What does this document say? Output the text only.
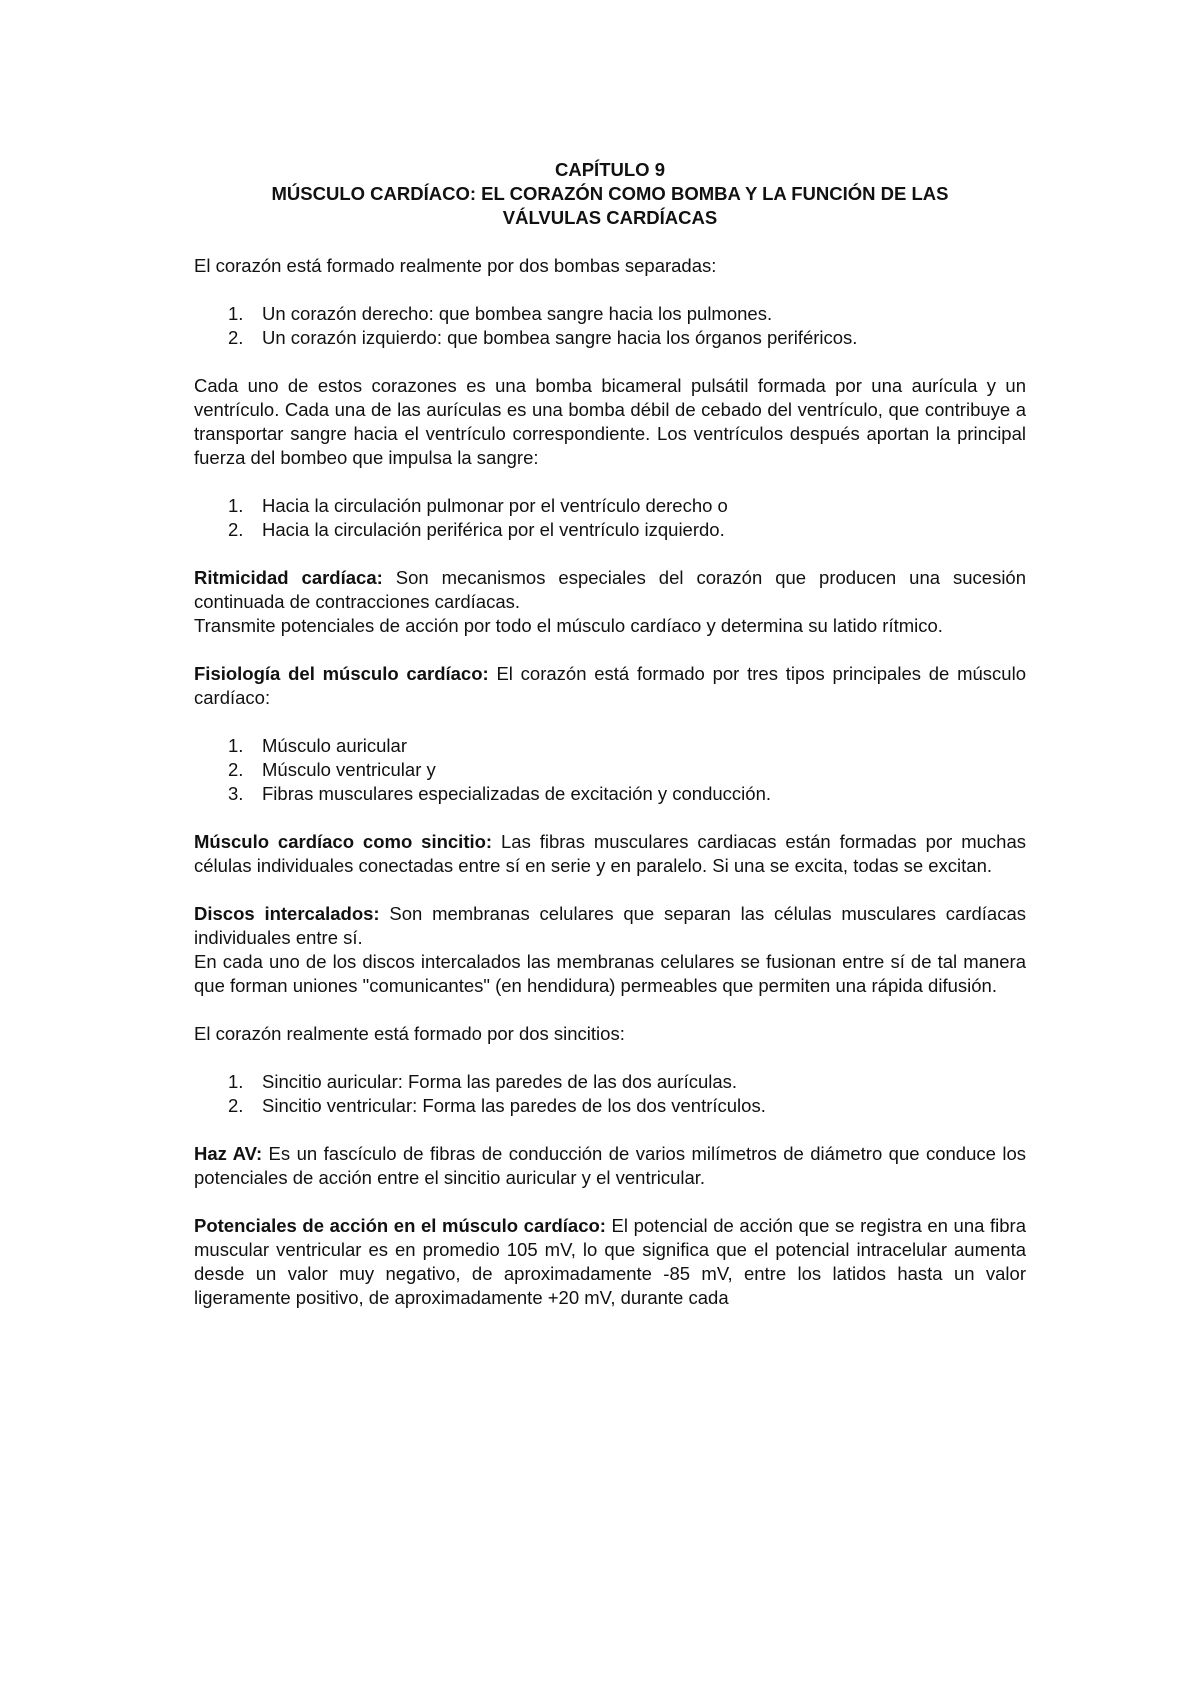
CAPÍTULO 9
MÚSCULO CARDÍACO: EL CORAZÓN COMO BOMBA Y LA FUNCIÓN DE LAS
VÁLVULAS CARDÍACAS

El corazón está formado realmente por dos bombas separadas:

1. Un corazón derecho: que bombea sangre hacia los pulmones.
2. Un corazón izquierdo: que bombea sangre hacia los órganos periféricos.

Cada uno de estos corazones es una bomba bicameral pulsátil formada por una aurícula y un ventrículo. Cada una de las aurículas es una bomba débil de cebado del ventrículo, que contribuye a transportar sangre hacia el ventrículo correspondiente. Los ventrículos después aportan la principal fuerza del bombeo que impulsa la sangre:

1. Hacia la circulación pulmonar por el ventrículo derecho o
2. Hacia la circulación periférica por el ventrículo izquierdo.

Ritmicidad cardíaca: Son mecanismos especiales del corazón que producen una sucesión continuada de contracciones cardíacas.

Transmite potenciales de acción por todo el músculo cardíaco y determina su latido rítmico.

Fisiología del músculo cardíaco: El corazón está formado por tres tipos principales de músculo cardíaco:

1. Músculo auricular
2. Músculo ventricular y
3. Fibras musculares especializadas de excitación y conducción.

Músculo cardíaco como sincitio: Las fibras musculares cardiacas están formadas por muchas células individuales conectadas entre sí en serie y en paralelo. Si una se excita, todas se excitan.

Discos intercalados: Son membranas celulares que separan las células musculares cardíacas individuales entre sí.

En cada uno de los discos intercalados las membranas celulares se fusionan entre sí de tal manera que forman uniones "comunicantes" (en hendidura) permeables que permiten una rápida difusión.

El corazón realmente está formado por dos sincitios:

1. Sincitio auricular: Forma las paredes de las dos aurículas.
2. Sincitio ventricular: Forma las paredes de los dos ventrículos.

Haz AV: Es un fascículo de fibras de conducción de varios milímetros de diámetro que conduce los potenciales de acción entre el sincitio auricular y el ventricular.

Potenciales de acción en el músculo cardíaco: El potencial de acción que se registra en una fibra muscular ventricular es en promedio 105 mV, lo que significa que el potencial intracelular aumenta desde un valor muy negativo, de aproximadamente -85 mV, entre los latidos hasta un valor ligeramente positivo, de aproximadamente +20 mV, durante cada
